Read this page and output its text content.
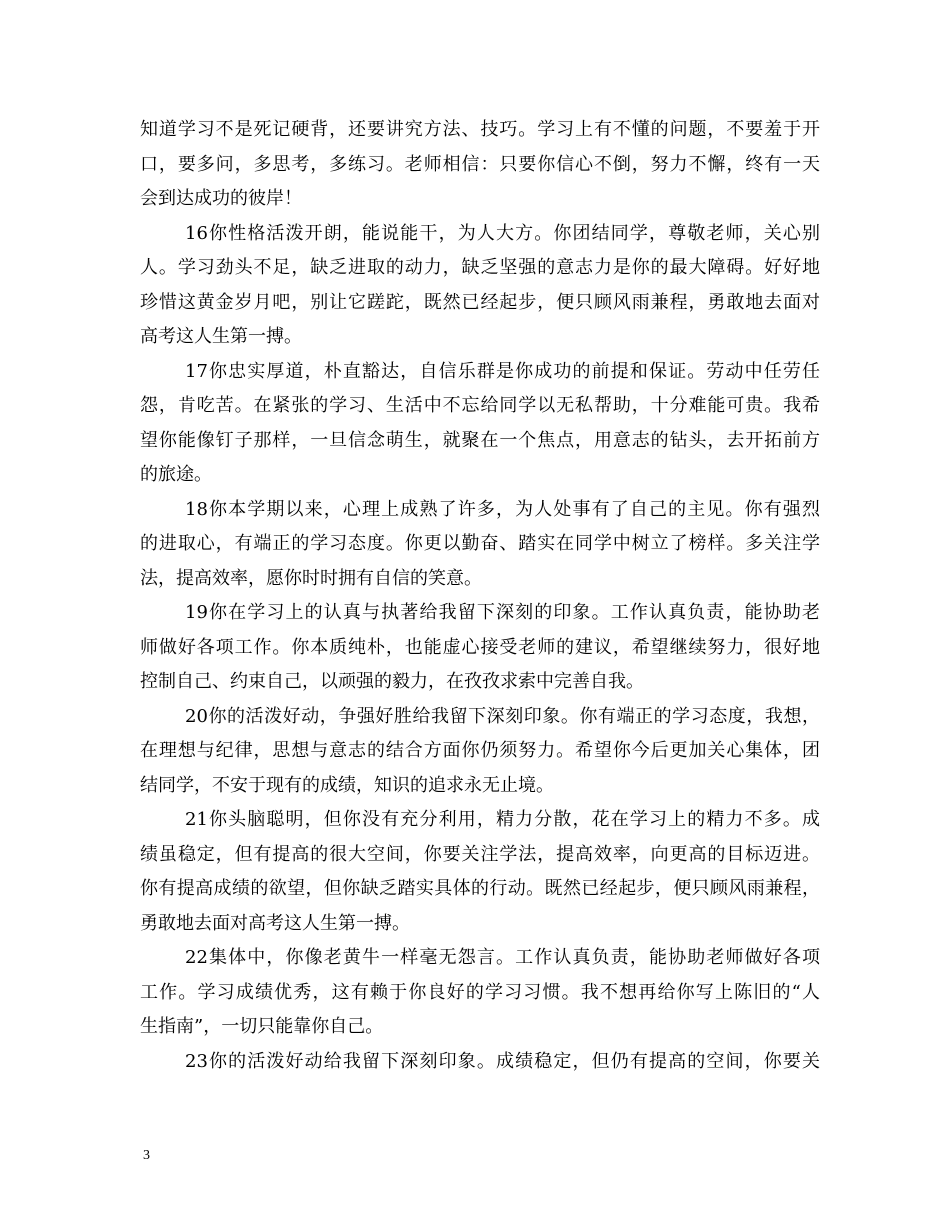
知道学习不是死记硬背，还要讲究方法、技巧。学习上有不懂的问题，不要羞于开
口，要多问，多思考，多练习。老师相信：只要你信心不倒，努力不懈，终有一天
会到达成功的彼岸！
16你性格活泼开朗，能说能干，为人大方。你团结同学，尊敬老师，关心别
人。学习劲头不足，缺乏进取的动力，缺乏坚强的意志力是你的最大障碍。好好地
珍惜这黄金岁月吧，别让它蹉跎，既然已经起步，便只顾风雨兼程，勇敢地去面对
高考这人生第一搏。
17你忠实厚道，朴直豁达，自信乐群是你成功的前提和保证。劳动中任劳任
怨，肯吃苦。在紧张的学习、生活中不忘给同学以无私帮助，十分难能可贵。我希
望你能像钉子那样，一旦信念萌生，就聚在一个焦点，用意志的钻头，去开拓前方
的旅途。
18你本学期以来，心理上成熟了许多，为人处事有了自己的主见。你有强烈
的进取心，有端正的学习态度。你更以勤奋、踏实在同学中树立了榜样。多关注学
法，提高效率，愿你时时拥有自信的笑意。
19你在学习上的认真与执著给我留下深刻的印象。工作认真负责，能协助老
师做好各项工作。你本质纯朴，也能虚心接受老师的建议，希望继续努力，很好地
控制自己、约束自己，以顽强的毅力，在孜孜求索中完善自我。
20你的活泼好动，争强好胜给我留下深刻印象。你有端正的学习态度，我想，
在理想与纪律，思想与意志的结合方面你仍须努力。希望你今后更加关心集体，团
结同学，不安于现有的成绩，知识的追求永无止境。
21你头脑聪明，但你没有充分利用，精力分散，花在学习上的精力不多。成
绩虽稳定，但有提高的很大空间，你要关注学法，提高效率，向更高的目标迈进。
你有提高成绩的欲望，但你缺乏踏实具体的行动。既然已经起步，便只顾风雨兼程，
勇敢地去面对高考这人生第一搏。
22集体中，你像老黄牛一样毫无怨言。工作认真负责，能协助老师做好各项
工作。学习成绩优秀，这有赖于你良好的学习习惯。我不想再给你写上陈旧的“人
生指南”，一切只能靠你自己。
23你的活泼好动给我留下深刻印象。成绩稳定，但仍有提高的空间，你要关
3
